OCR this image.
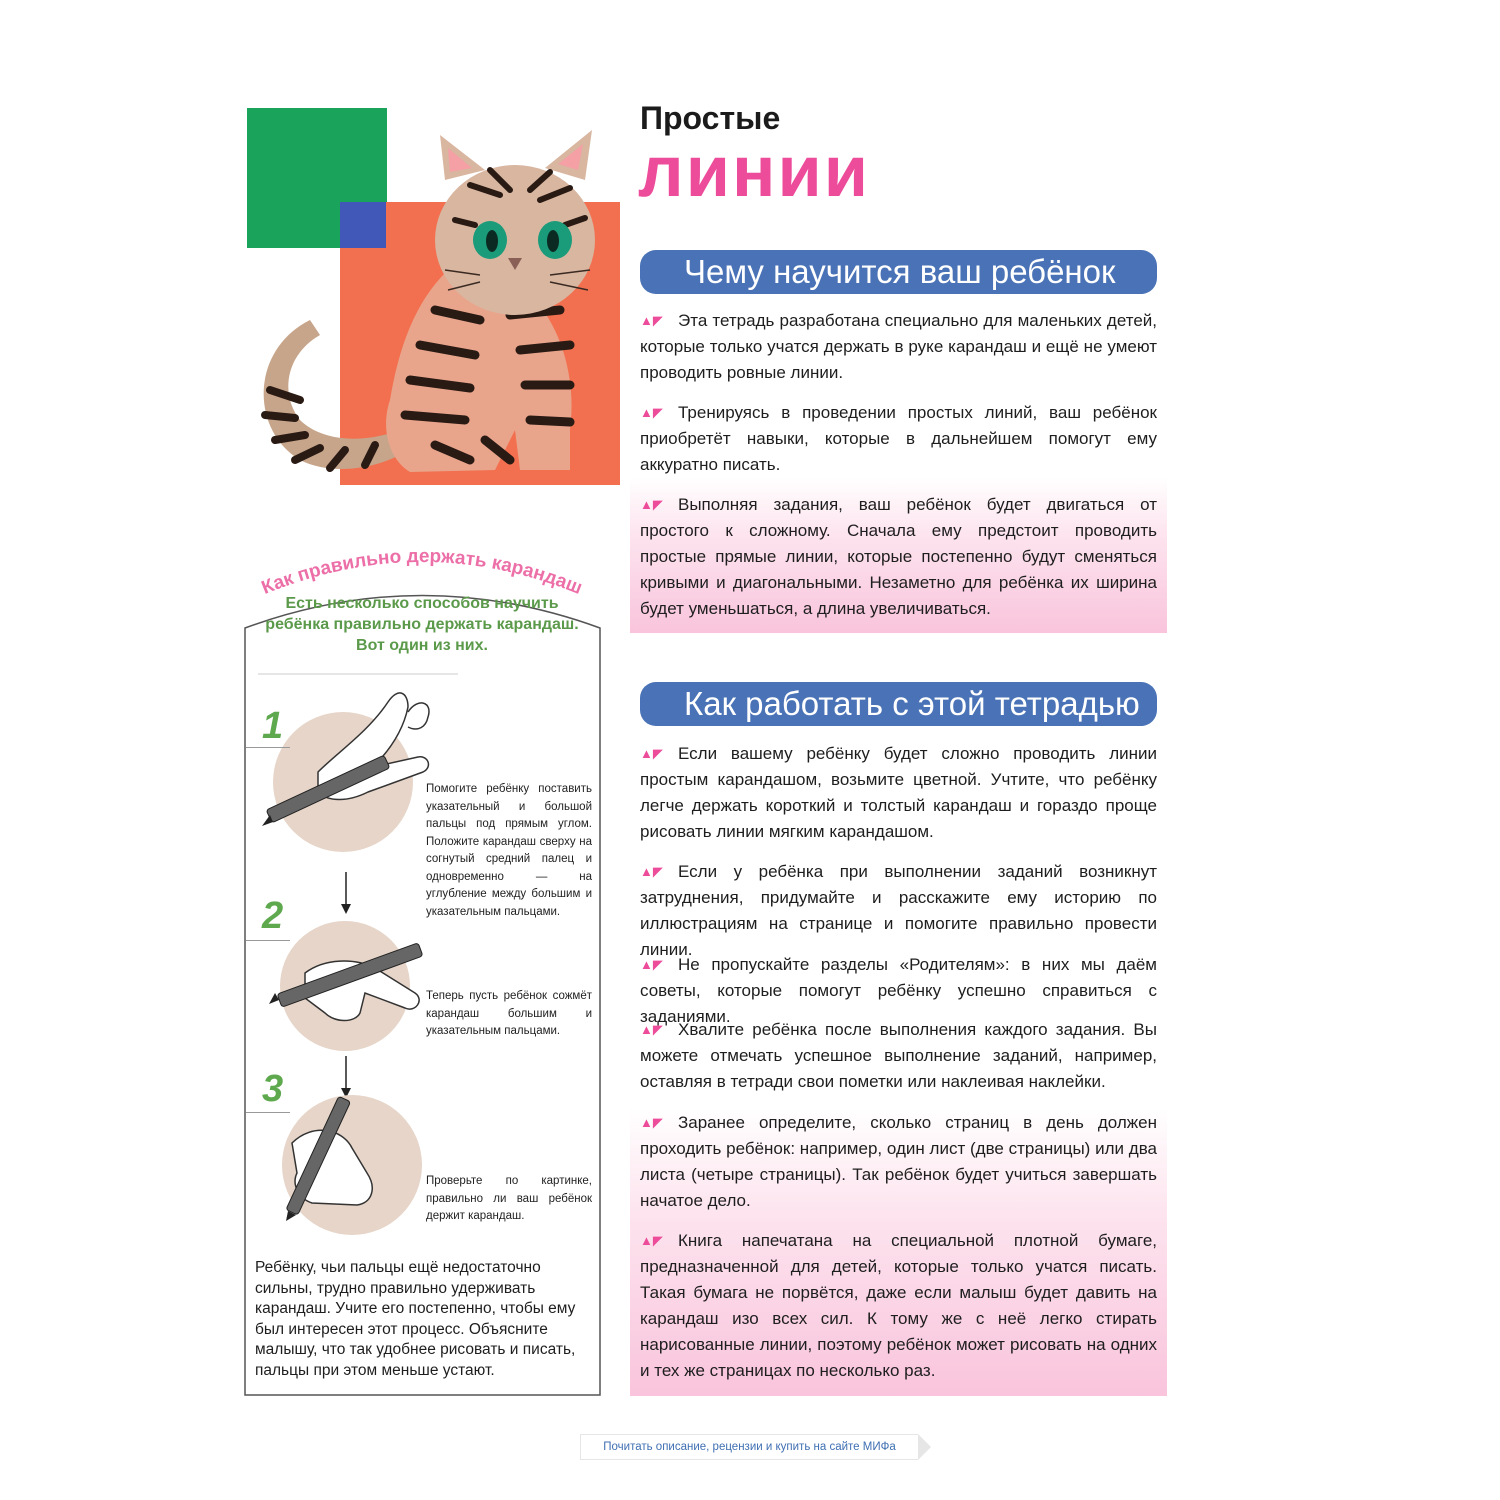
Простые
линии
Чему научится ваш ребёнок
▲◤ Эта тетрадь разработана специально для маленьких детей, которые только учатся держать в руке карандаш и ещё не умеют проводить ровные линии.
▲◤ Тренируясь в проведении простых линий, ваш ребёнок приобретёт навыки, которые в дальнейшем помогут ему аккуратно писать.
▲◤ Выполняя задания, ваш ребёнок будет двигаться от простого к сложному. Сначала ему предстоит проводить простые прямые линии, которые постепенно будут сменяться кривыми и диагональными. Незаметно для ребёнка их ширина будет уменьшаться, а длина увеличиваться.
Как работать с этой тетрадью
▲◤ Если вашему ребёнку будет сложно проводить линии простым карандашом, возьмите цветной. Учтите, что ребёнку легче держать короткий и толстый карандаш и гораздо проще рисовать линии мягким карандашом.
▲◤ Если у ребёнка при выполнении заданий возникнут затруднения, придумайте и расскажите ему историю по иллюстрациям на странице и помогите правильно провести линии.
▲◤ Не пропускайте разделы «Родителям»: в них мы даём советы, которые помогут ребёнку успешно справиться с заданиями.
▲◤ Хвалите ребёнка после выполнения каждого задания. Вы можете отмечать успешное выполнение заданий, например, оставляя в тетради свои пометки или наклеивая наклейки.
▲◤ Заранее определите, сколько страниц в день должен проходить ребёнок: например, один лист (две страницы) или два листа (четыре страницы). Так ребёнок будет учиться завершать начатое дело.
▲◤ Книга напечатана на специальной плотной бумаге, предназначенной для детей, которые только учатся писать. Такая бумага не порвётся, даже если малыш будет давить на карандаш изо всех сил. К тому же с неё легко стирать нарисованные линии, поэтому ребёнок может рисовать на одних и тех же страницах по несколько раз.
Как правильно держать карандаш
Есть несколько способов научить ребёнка правильно держать карандаш. Вот один из них.
1
Помогите ребёнку поставить указательный и большой пальцы под прямым углом. Положите карандаш сверху на согнутый средний палец и одновременно — на углубление между большим и указательным пальцами.
2
Теперь пусть ребёнок сожмёт карандаш большим и указательным пальцами.
3
Проверьте по картинке, правильно ли ваш ребёнок держит карандаш.
Ребёнку, чьи пальцы ещё недостаточно сильны, трудно правильно удерживать карандаш. Учите его постепенно, чтобы ему был интересен этот процесс. Объясните малышу, что так удобнее рисовать и писать, пальцы при этом меньше устают.
Почитать описание, рецензии и купить на сайте МИФа
